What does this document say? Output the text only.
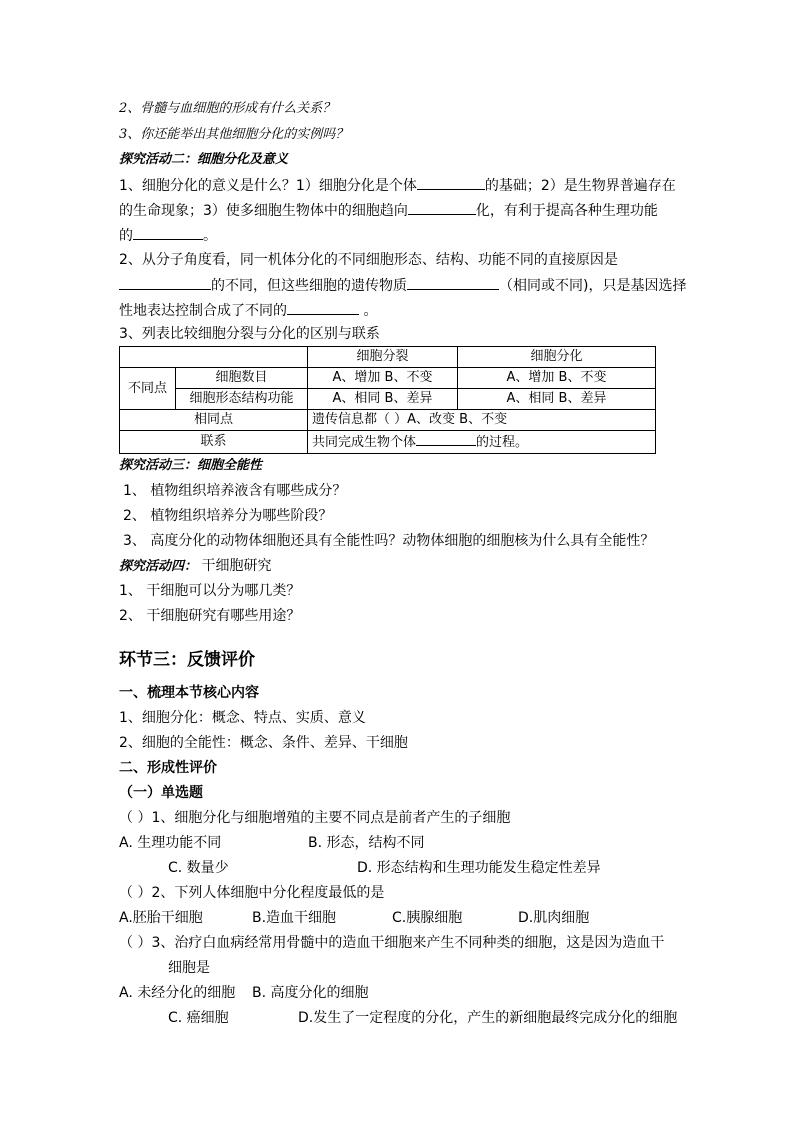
2、骨髓与血细胞的形成有什么关系？
3、你还能举出其他细胞分化的实例吗？
探究活动二：细胞分化及意义
1、细胞分化的意义是什么？1）细胞分化是个体	的基础；2）是生物界普遍存在
的生命现象；3）使多细胞生物体中的细胞趋向	化，有利于提高各种生理功能
的	。
2、从分子角度看，同一机体分化的不同细胞形态、结构、功能不同的直接原因是
的不同，但这些细胞的遗传物质	（相同或不同)，只是基因选择
性地表达控制合成了不同的	。
3、列表比较细胞分裂与分化的区别与联系
		细胞分裂	细胞分化
不同点	细胞数目	A、增加 B、不变	A、增加 B、不变
	细胞形态结构功能	A、相同 B、差异	A、相同 B、差异
相同点		遗传信息都（ ）A、改变 B、不变	
联系		共同完成生物个体 的过程。	
探究活动三：细胞全能性
1、 植物组织培养液含有哪些成分？
2、 植物组织培养分为哪些阶段？
3、 高度分化的动物体细胞还具有全能性吗？动物体细胞的细胞核为什么具有全能性？
探究活动四： 干细胞研究
1、 干细胞可以分为哪几类？
2、 干细胞研究有哪些用途？
环节三：反馈评价
一、梳理本节核心内容
1、细胞分化：概念、特点、实质、意义
2、细胞的全能性：概念、条件、差异、干细胞
二、形成性评价
（一）单选题
（ ）1、细胞分化与细胞增殖的主要不同点是前者产生的子细胞
A. 生理功能不同	B. 形态，结构不同
C. 数量少	D. 形态结构和生理功能发生稳定性差异
（ ）2、下列人体细胞中分化程度最低的是
A.胚胎干细胞	B.造血干细胞	C.胰腺细胞	D.肌肉细胞
（ ）3、治疗白血病经常用骨髓中的造血干细胞来产生不同种类的细胞，这是因为造血干
细胞是
A. 未经分化的细胞 B. 高度分化的细胞
C. 癌细胞	D.发生了一定程度的分化，产生的新细胞最终完成分化的细胞
